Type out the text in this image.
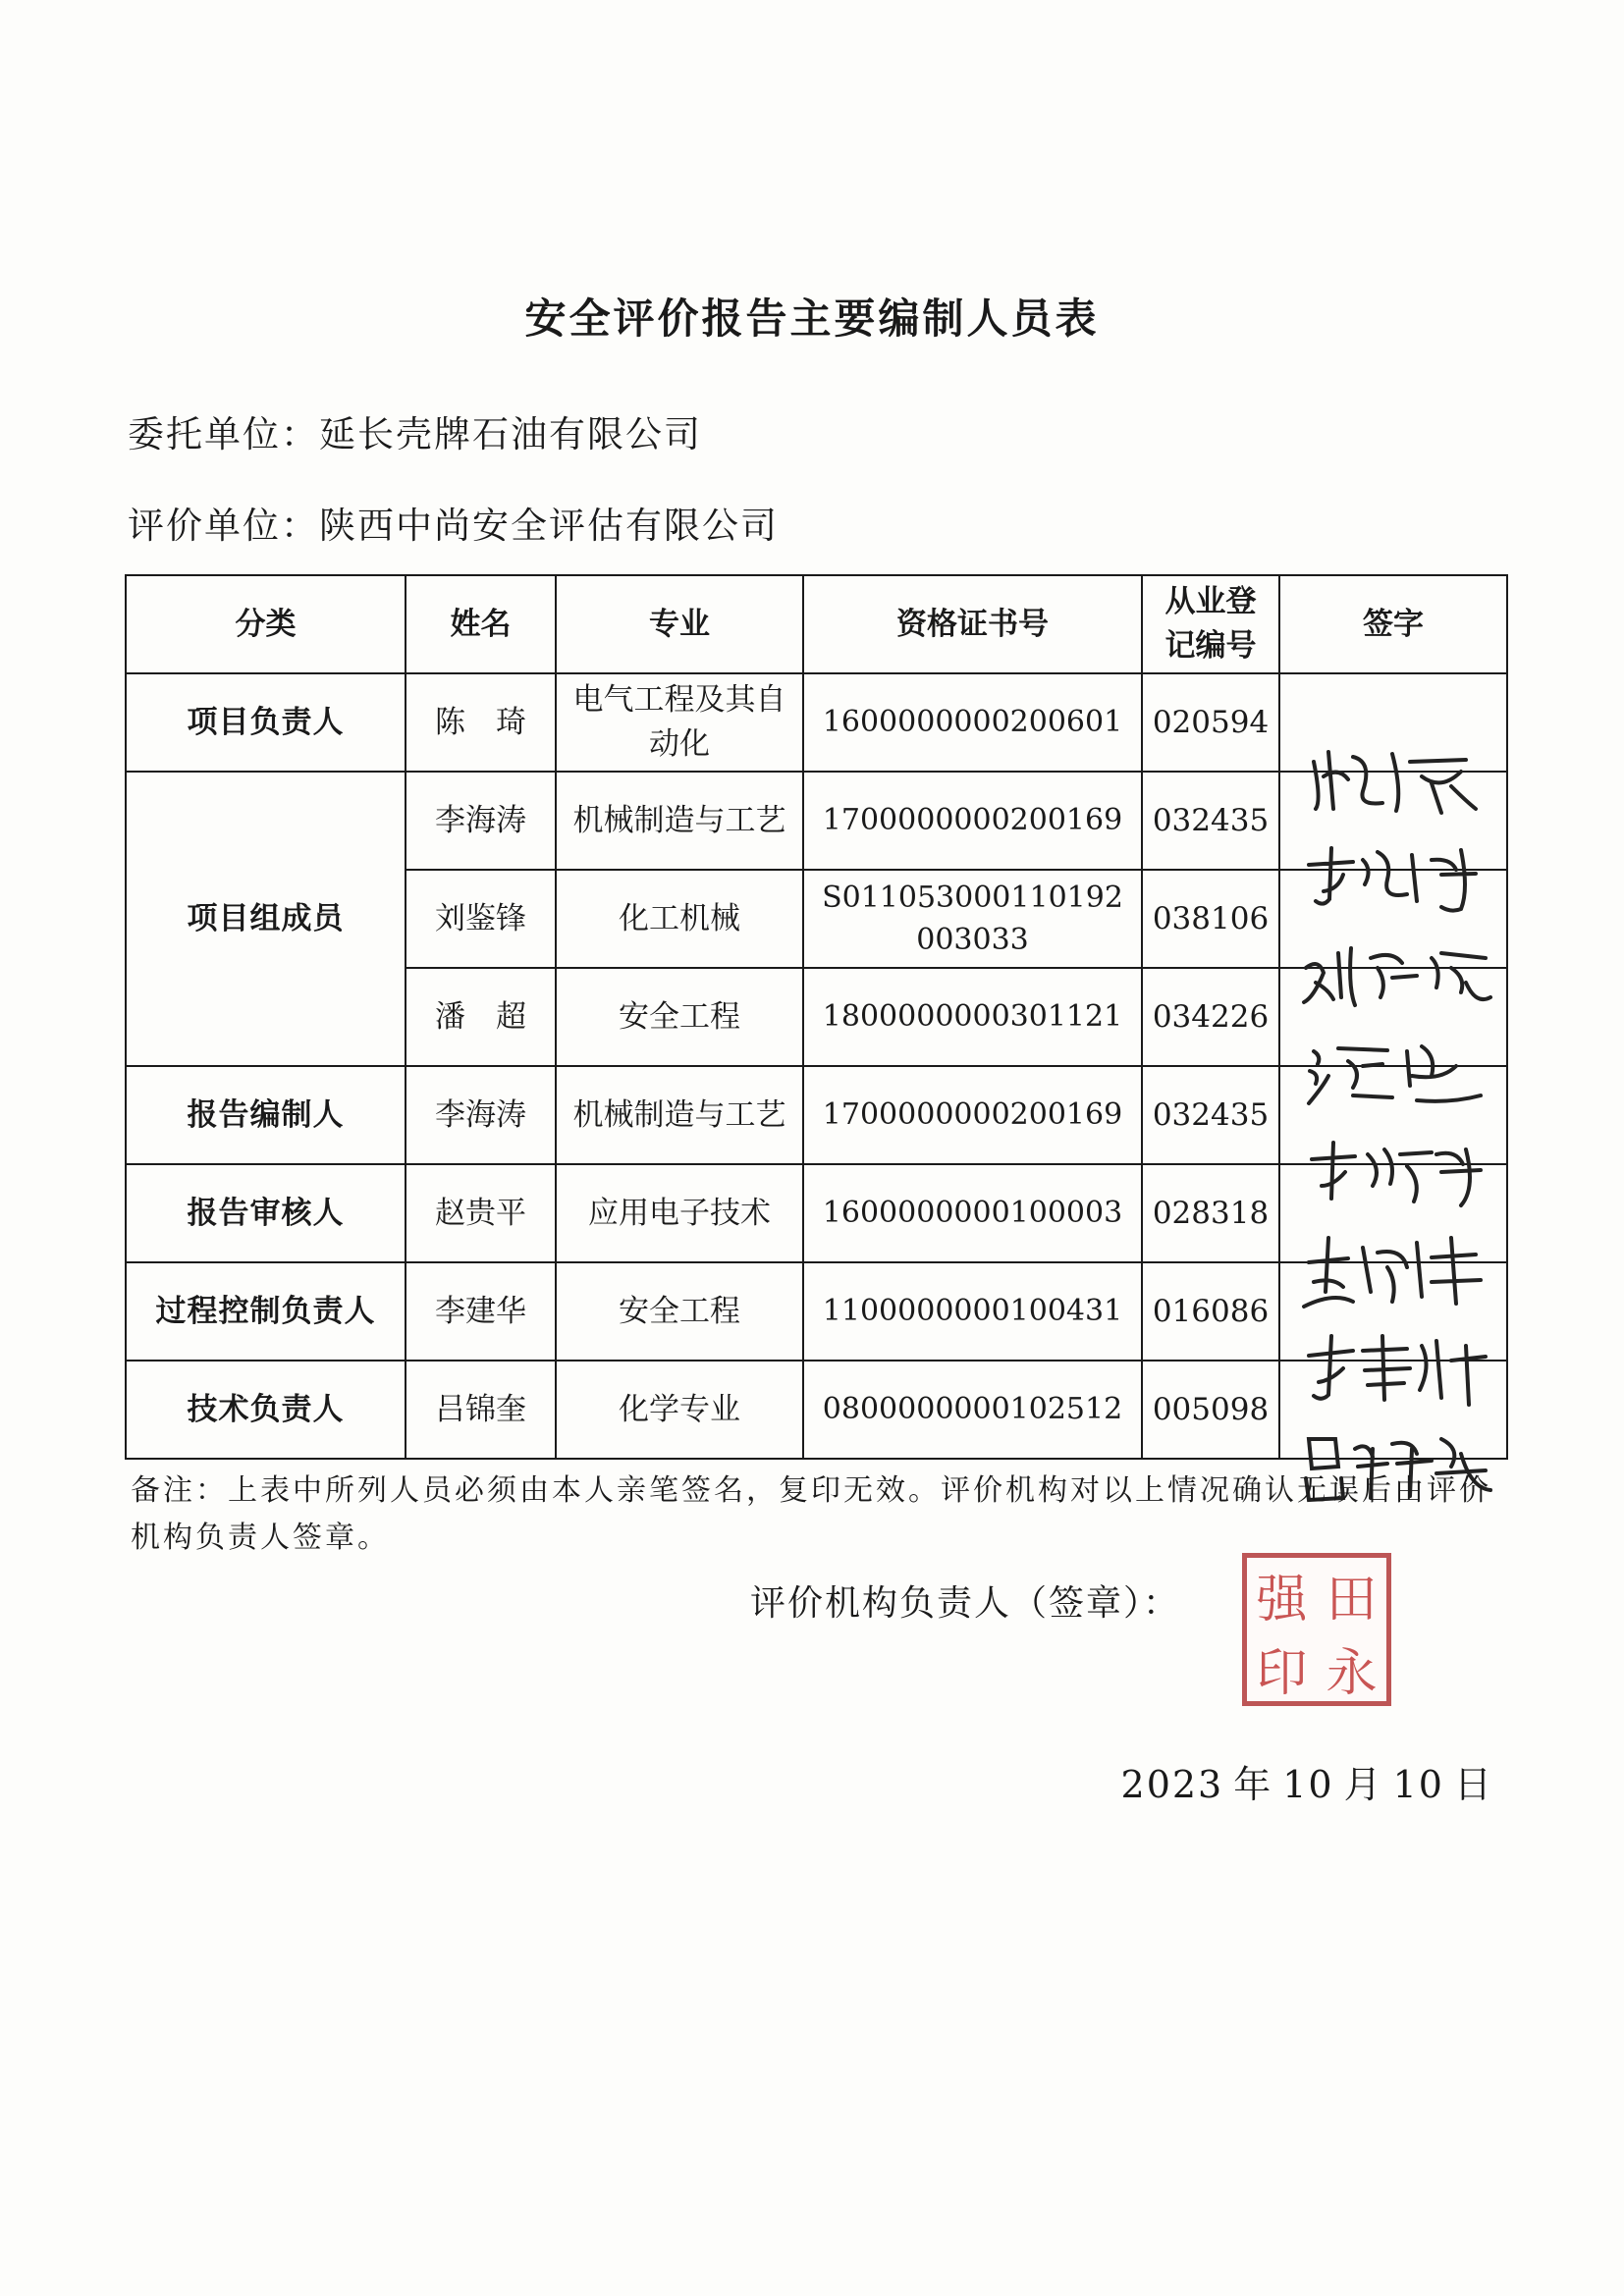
安全评价报告主要编制人员表
委托单位：延长壳牌石油有限公司
评价单位：陕西中尚安全评估有限公司
分类	姓名	专业	资格证书号	从业登记编号	签字
项目负责人	陈　琦	电气工程及其自动化	1600000000200601	020594	

项目组成员	李海涛	机械制造与工艺	1700000000200169	032435	

	刘鉴锋	化工机械	S011053000110192003033	038106	

	潘　超	安全工程	1800000000301121	034226	

报告编制人	李海涛	机械制造与工艺	1700000000200169	032435	

报告审核人	赵贵平	应用电子技术	1600000000100003	028318	

过程控制负责人	李建华	安全工程	1100000000100431	016086	

技术负责人	吕锦奎	化学专业	0800000000102512	005098	
备注：上表中所列人员必须由本人亲笔签名，复印无效。评价机构对以上情况确认无误后由评价机构负责人签章。
评价机构负责人（签章）： 强 田
印 永
2023 年 10 月 10 日
